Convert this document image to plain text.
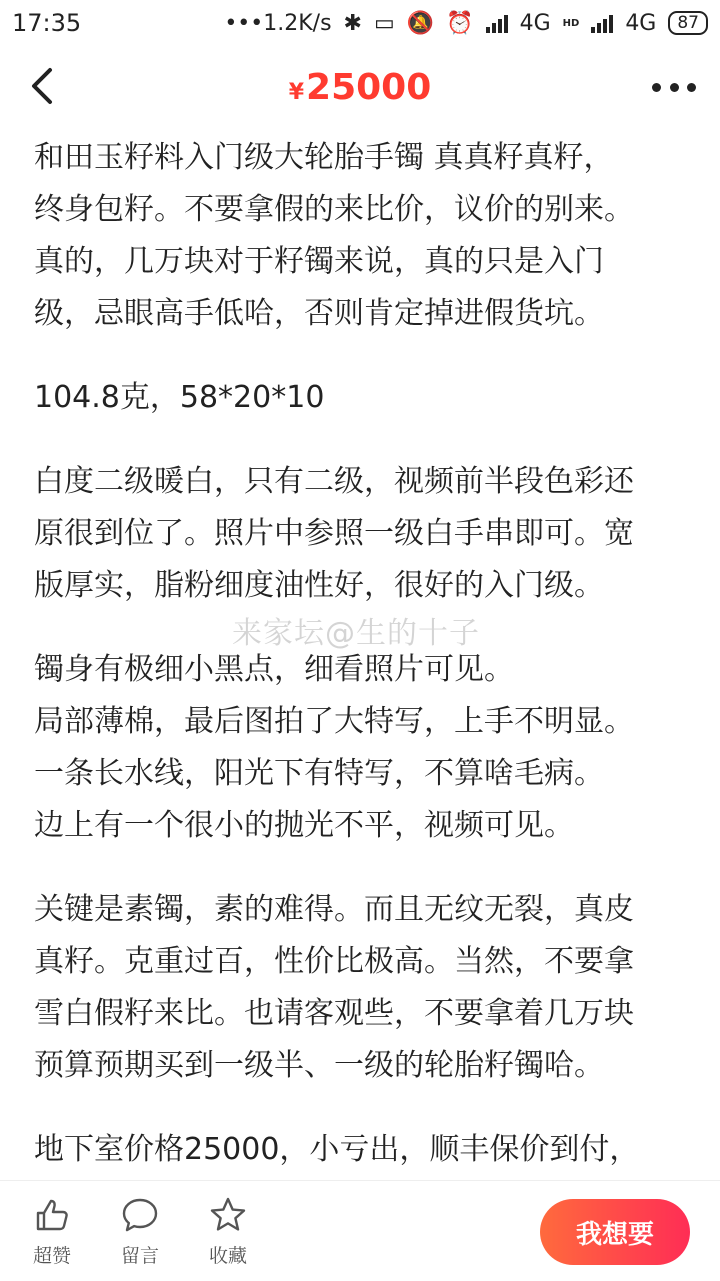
17:35	•••1.2K/s ✱ ▭ 🔕 ⏰ 4G HD 4G	87
¥ 25000

和田玉籽料入门级大轮胎手镯 真真籽真籽，
终身包籽。不要拿假的来比价，议价的别来。
真的，几万块对于籽镯来说，真的只是入门
级，忌眼高手低哈，否则肯定掉进假货坑。

104.8克，58*20*10

白度二级暖白，只有二级，视频前半段色彩还
原很到位了。照片中参照一级白手串即可。宽
版厚实，脂粉细度油性好，很好的入门级。

镯身有极细小黑点，细看照片可见。
局部薄棉，最后图拍了大特写，上手不明显。
一条长水线，阳光下有特写，不算啥毛病。
边上有一个很小的抛光不平，视频可见。

关键是素镯，素的难得。而且无纹无裂，真皮
真籽。克重过百，性价比极高。当然，不要拿
雪白假籽来比。也请客观些，不要拿着几万块
预算预期买到一级半、一级的轮胎籽镯哈。

地下室价格25000，小亏出，顺丰保价到付，

来家坛@生的十子
超赞	留言	收藏
我想要
